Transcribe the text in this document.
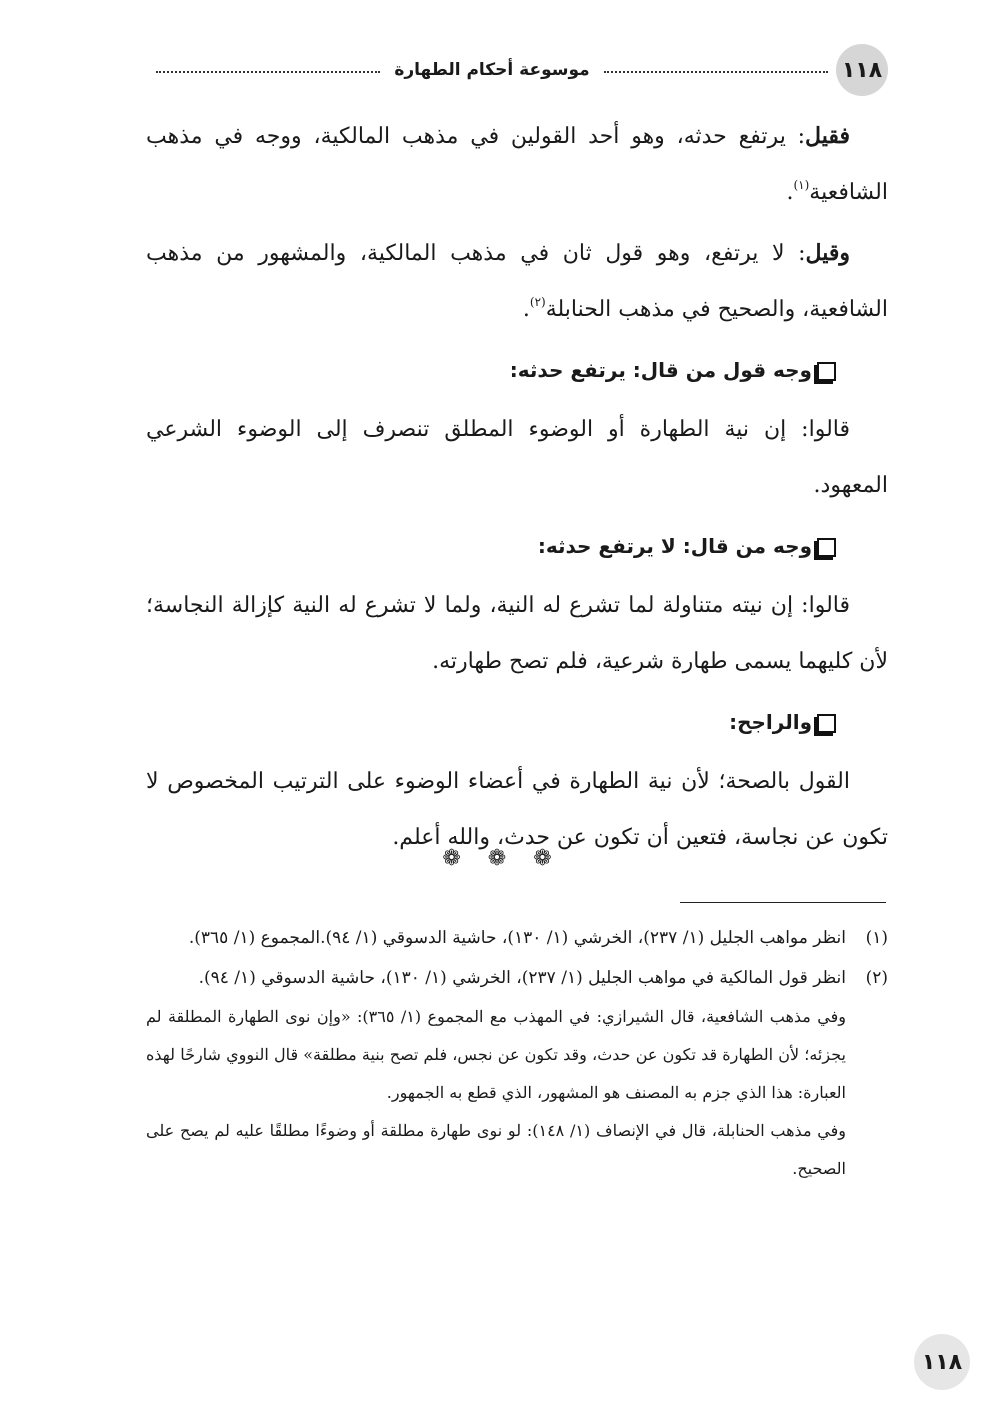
١١٨
موسوعة أحكام الطهارة

فقيل: يرتفع حدثه، وهو أحد القولين في مذهب المالكية، ووجه في مذهب الشافعية$^{(١)}$.

وقيل: لا يرتفع، وهو قول ثان في مذهب المالكية، والمشهور من مذهب الشافعية، والصحيح في مذهب الحنابلة$^{(٢)}$.

وجه قول من قال: يرتفع حدثه:

قالوا: إن نية الطهارة أو الوضوء المطلق تنصرف إلى الوضوء الشرعي المعهود.

وجه من قال: لا يرتفع حدثه:

قالوا: إن نيته متناولة لما تشرع له النية، ولما لا تشرع له النية كإزالة النجاسة؛ لأن كليهما يسمى طهارة شرعية، فلم تصح طهارته.

والراجح:

القول بالصحة؛ لأن نية الطهارة في أعضاء الوضوء على الترتيب المخصوص لا تكون عن نجاسة، فتعين أن تكون عن حدث، والله أعلم.

❁ ❁ ❁
(١)
انظر مواهب الجليل (١/ ٢٣٧)، الخرشي (١/ ١٣٠)، حاشية الدسوقي (١/ ٩٤).المجموع (١/ ٣٦٥).
(٢)
انظر قول المالكية في مواهب الجليل (١/ ٢٣٧)، الخرشي (١/ ١٣٠)، حاشية الدسوقي (١/ ٩٤).
وفي مذهب الشافعية، قال الشيرازي: في المهذب مع المجموع (١/ ٣٦٥): «وإن نوى الطهارة المطلقة لم يجزئه؛ لأن الطهارة قد تكون عن حدث، وقد تكون عن نجس، فلم تصح بنية مطلقة» قال النووي شارحًا لهذه العبارة: هذا الذي جزم به المصنف هو المشهور، الذي قطع به الجمهور.
وفي مذهب الحنابلة، قال في الإنصاف (١/ ١٤٨): لو نوى طهارة مطلقة أو وضوءًا مطلقًا عليه لم يصح على الصحيح.
١١٨
